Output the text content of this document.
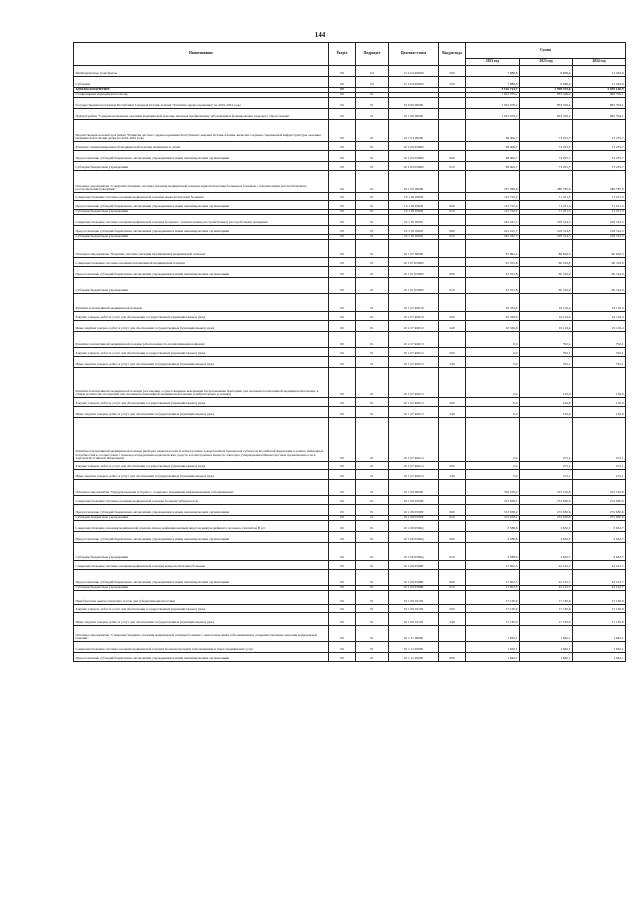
144
Наименование	Раздел	Подраздел	Целевая статья	Вид расхода	Сумма		
					2023 год	2023 год	2024 год
Межбюджетные трансферты	08	04	15 4 04 R2990	500	7 888,8	9 669,0	12 264,6
Субсидии	08	04	15 4 04 R2990	520	7 888,8	9 669,0	12 264,6
ЗДРАВООХРАНЕНИЕ	09				3 516 714,7	2 998 373,8	3 039 148,9
Стационарная медицинская помощь	09	01			1 023 079,2	833 326,2	865 794,1
Государственная программа Республики Северная Осетия-Алания "Развитие здравоохранения" на 2019-2024 годы	09	01	10 0 00 00000		1 023 079,2	833 326,2	865 794,1
Подпрограмма "Совершенствование оказания медицинской помощи, включая профилактику заболеваний и формирование здорового образа жизни"	09	01	10 1 00 00000		1 023 079,2	833 326,2	865 794,1
Ведомственная целевая программа "Развитие детского здравоохранения Республики Северная Осетия-Алания, включая создание современной инфраструктуры оказания медицинской помощи детям на 2019-2024 годы	09	01	10 1 03 00000		68 406,7	73 255,7	73 255,7
Развитие специализированной медицинской помощи женщинам и детям	09	01	10 1 03 0509D		68 406,7	73 255,7	73 255,7
Предоставление субсидий бюджетным, автономным учреждениям и иным некоммерческим организациям	09	01	10 1 03 0509D	600	68 406,7	73 255,7	73 255,7
Субсидии бюджетным учреждениям	09	01	10 1 03 0509D	610	68 406,7	73 255,7	73 255,7
Основное мероприятие "Совершенствование системы оказания медицинской помощи наркологическим больным и больным с психическими расстройствами и расстройствами поведения"	09	01	10 1 05 00000		337 969,8	289 785,6	289 785,6
Совершенствование системы оказания медицинской помощи наркологическим больным	09	01	10 1 05 0509I		115 722,2	71 471,3	71 471,3
Предоставление субсидий бюджетным, автономным учреждениям и иным некоммерческим организациям	09	01	10 1 05 0509I	600	115 722,2	71 471,3	71 471,3
Субсидии бюджетным учреждениям	09	01	10 1 05 0509I	610	115 722,2	71 471,3	71 471,3
Совершенствование системы оказания медицинской помощи больным с психическими расстройствами и расстройствами поведения	09	01	10 1 05 0509J		222 247,7	218 314,3	218 314,3
Предоставление субсидий бюджетным, автономным учреждениям и иным некоммерческим организациям	09	01	10 1 05 0509J	600	222 247,7	218 314,3	218 314,3
Субсидии бюджетным учреждениям	09	01	10 1 05 0509J	610	222 247,7	218 314,3	218 314,3
Основное мероприятие "Развитие системы оказания паллиативной медицинской помощи"	09	01	10 1 07 00000		81 892,4	80 656,5	80 656,5
Совершенствование системы оказания паллиативной медицинской помощи	09	01	10 1 07 0509N		61 555,8	60 319,9	60 319,9
Предоставление субсидий бюджетным, автономным учреждениям и иным некоммерческим организациям	09	01	10 1 07 0509N	600	61 555,8	60 319,9	60 319,9
Субсидии бюджетным учреждениям	09	01	10 1 07 0509N	610	61 555,8	60 319,9	60 319,9
Развитие паллиативной медицинской помощи	09	01	10 1 07 R2010		20 336,6	19 116,4	19 116,4
Закупка товаров, работ и услуг для обеспечения государственных (муниципальных) нужд	09	01	10 1 07 R2010	200	20 336,6	19 116,4	19 116,4
Иные закупки товаров, работ и услуг для обеспечения государственных (муниципальных) нужд	09	01	10 1 07 R2010	240	20 336,6	19 116,4	19 116,4
Развитие паллиативной медицинской помощи (обеспеченность паллиативными койками)	09	01	10 1 07 R2013		0,0	792,1	792,1
Закупка товаров, работ и услуг для обеспечения государственных (муниципальных) нужд	09	01	10 1 07 R2013	200	0,0	792,1	792,1
Иные закупки товаров, работ и услуг для обеспечения государственных (муниципальных) нужд	09	01	10 1 07 R2013	240	0,0	792,1	792,1
Развитие паллиативной медицинской помощи (посещения, осуществленные выездными патронажными бригадами для оказания паллиативной медицинской помощи, в общем количестве посещений для оказания паллиативной медицинской помощи в амбулаторных условиях)	09	01	10 1 07 R2013		0,0	156,0	156,0
Закупка товаров, работ и услуг для обеспечения государственных (муниципальных) нужд	09	01	10 1 07 R2013	200	0,0	156,0	156,0
Иные закупки товаров, работ и услуг для обеспечения государственных (муниципальных) нужд	09	01	10 1 07 R2013	240	0,0	156,0	156,0
Развитие паллиативной медицинской помощи (выборка наркотических и психотропных лекарственных препаратов субъектом Российской Федерации в рамках заявленных потребностей в соответствии с планом распределения наркотических средств и психотропных веществ, ежегодно утверждаемым Министерством промышленности и торговли Российской Федерации)	09	01	10 1 07 R2014		0,0	272,1	272,1
Закупка товаров, работ и услуг для обеспечения государственных (муниципальных) нужд	09	01	10 1 07 R2014	200	0,0	272,1	272,1
Иные закупки товаров, работ и услуг для обеспечения государственных (муниципальных) нужд	09	01	10 1 07 R2014	240	0,0	272,1	272,1
Основное мероприятие "Предупреждение и борьба с социально значимыми инфекционными заболеваниями"	09	01	10 1 09 00000		356 250,2	315 516,8	315 516,8
Совершенствование системы оказания медицинской помощи больным туберкулезом	09	01	10 1 09 0509P		313 658,2	272 630,6	272 630,6
Предоставление субсидий бюджетным, автономным учреждениям и иным некоммерческим организациям	09	01	10 1 09 0509P	600	313 658,2	272 630,6	272 630,6
Субсидии бюджетным учреждениям	09	01	10 1 09 0509P	610	313 658,2	272 630,6	272 630,6
Совершенствование оказания медицинской помощи лицам, инфицированным вирусом иммунодефицита человека, гепатитом В и С	09	01	10 1 09 0509Q		3 588,6	3 632,7	3 632,7
Предоставление субсидий бюджетным, автономным учреждениям и иным некоммерческим организациям	09	01	10 1 09 0509Q	600	3 588,6	3 632,7	3 632,7
Субсидии бюджетным учреждениям	09	01	10 1 09 0509Q	610	3 588,6	3 632,7	3 632,7
Совершенствование системы оказания медицинской помощи венерологическим больным	09	01	10 1 09 0509R		21 852,5	22 122,7	22 122,7
Предоставление субсидий бюджетным, автономным учреждениям и иным некоммерческим организациям	09	01	10 1 09 0509R	600	21 852,5	22 122,7	22 122,7
Субсидии бюджетным учреждениям	09	01	10 1 09 0509R	610	21 852,5	22 122,7	22 122,7
Приобретение диагностических тестов для туберкулинодиагностики	09	01	10 1 09 10105		17 130,9	17 130,9	17 130,9
Закупка товаров, работ и услуг для обеспечения государственных (муниципальных) нужд	09	01	10 1 09 10105	200	17 130,9	17 130,9	17 130,9
Иные закупки товаров, работ и услуг для обеспечения государственных (муниципальных) нужд	09	01	10 1 09 10105	240	17 130,9	17 130,9	17 130,9
Основное мероприятие "Совершенствование оказания медицинской помощи больным с онкологическими заболеваниями и совершенствование оказания медицинской помощи"	09	01	10 1 11 00000		1 662,1	1 662,1	1 662,1
Совершенствование системы оказания медицинской помощи больным прочими заболеваниями и иных медицинских услуг	09	01	10 1 11 0509S		1 662,1	1 662,1	1 662,1
Предоставление субсидий бюджетным, автономным учреждениям и иным некоммерческим организациям	09	01	10 1 11 0509S	600	1 662,1	1 662,1	1 662,1
